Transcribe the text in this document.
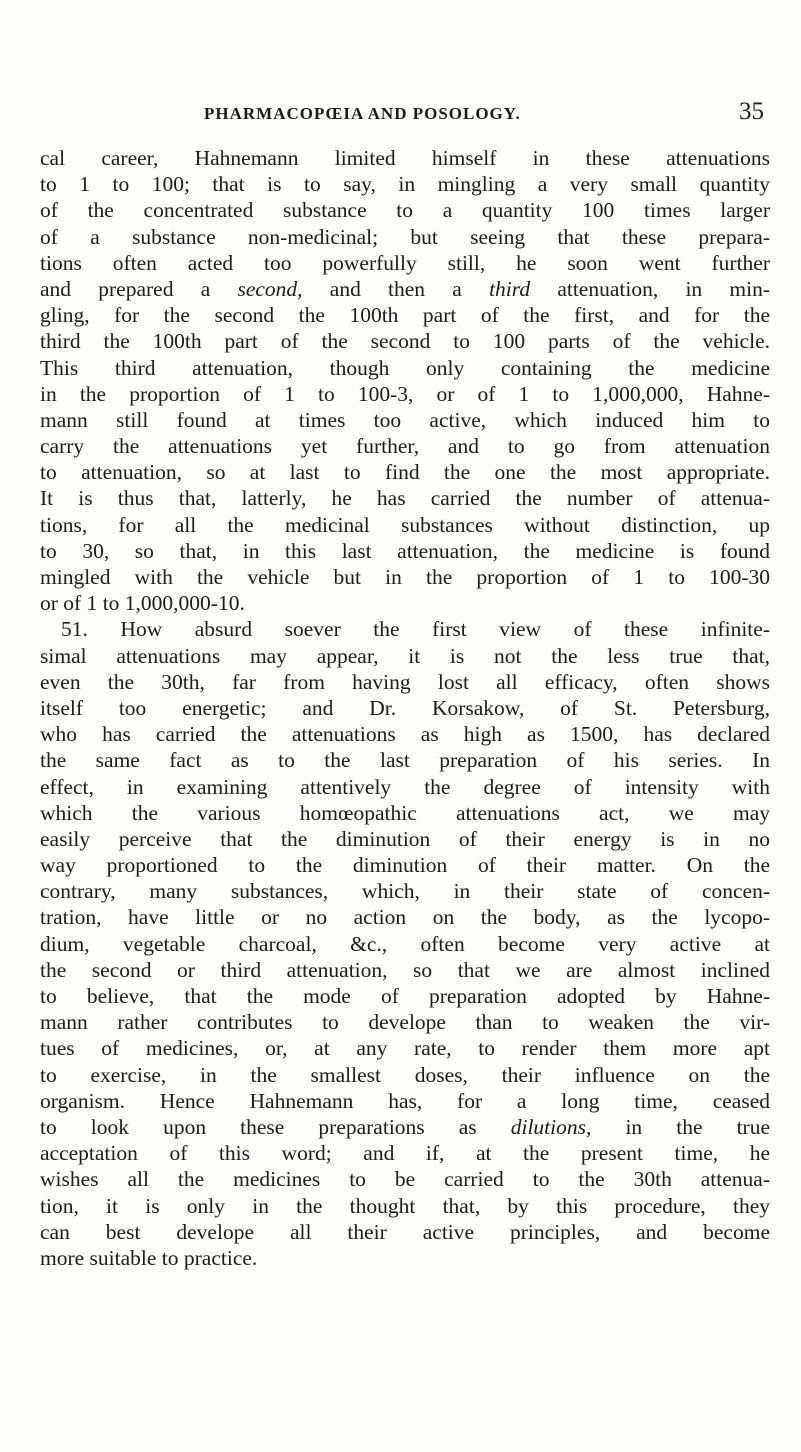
PHARMACOPŒIA AND POSOLOGY.	35
cal career, Hahnemann limited himself in these attenuations
to 1 to 100; that is to say, in mingling a very small quantity
of the concentrated substance to a quantity 100 times larger
of a substance non-medicinal; but seeing that these prepara-
tions often acted too powerfully still, he soon went further
and prepared a second, and then a third attenuation, in min-
gling, for the second the 100th part of the first, and for the
third the 100th part of the second to 100 parts of the vehicle.
This third attenuation, though only containing the medicine
in the proportion of 1 to 100-3, or of 1 to 1,000,000, Hahne-
mann still found at times too active, which induced him to
carry the attenuations yet further, and to go from attenuation
to attenuation, so at last to find the one the most appropriate.
It is thus that, latterly, he has carried the number of attenua-
tions, for all the medicinal substances without distinction, up
to 30, so that, in this last attenuation, the medicine is found
mingled with the vehicle but in the proportion of 1 to 100-30
or of 1 to 1,000,000-10.
51. How absurd soever the first view of these infinite-
simal attenuations may appear, it is not the less true that,
even the 30th, far from having lost all efficacy, often shows
itself too energetic; and Dr. Korsakow, of St. Petersburg,
who has carried the attenuations as high as 1500, has declared
the same fact as to the last preparation of his series. In
effect, in examining attentively the degree of intensity with
which the various homœopathic attenuations act, we may
easily perceive that the diminution of their energy is in no
way proportioned to the diminution of their matter. On the
contrary, many substances, which, in their state of concen-
tration, have little or no action on the body, as the lycopo-
dium, vegetable charcoal, &c., often become very active at
the second or third attenuation, so that we are almost inclined
to believe, that the mode of preparation adopted by Hahne-
mann rather contributes to develope than to weaken the vir-
tues of medicines, or, at any rate, to render them more apt
to exercise, in the smallest doses, their influence on the
organism. Hence Hahnemann has, for a long time, ceased
to look upon these preparations as dilutions, in the true
acceptation of this word; and if, at the present time, he
wishes all the medicines to be carried to the 30th attenua-
tion, it is only in the thought that, by this procedure, they
can best develope all their active principles, and become
more suitable to practice.
